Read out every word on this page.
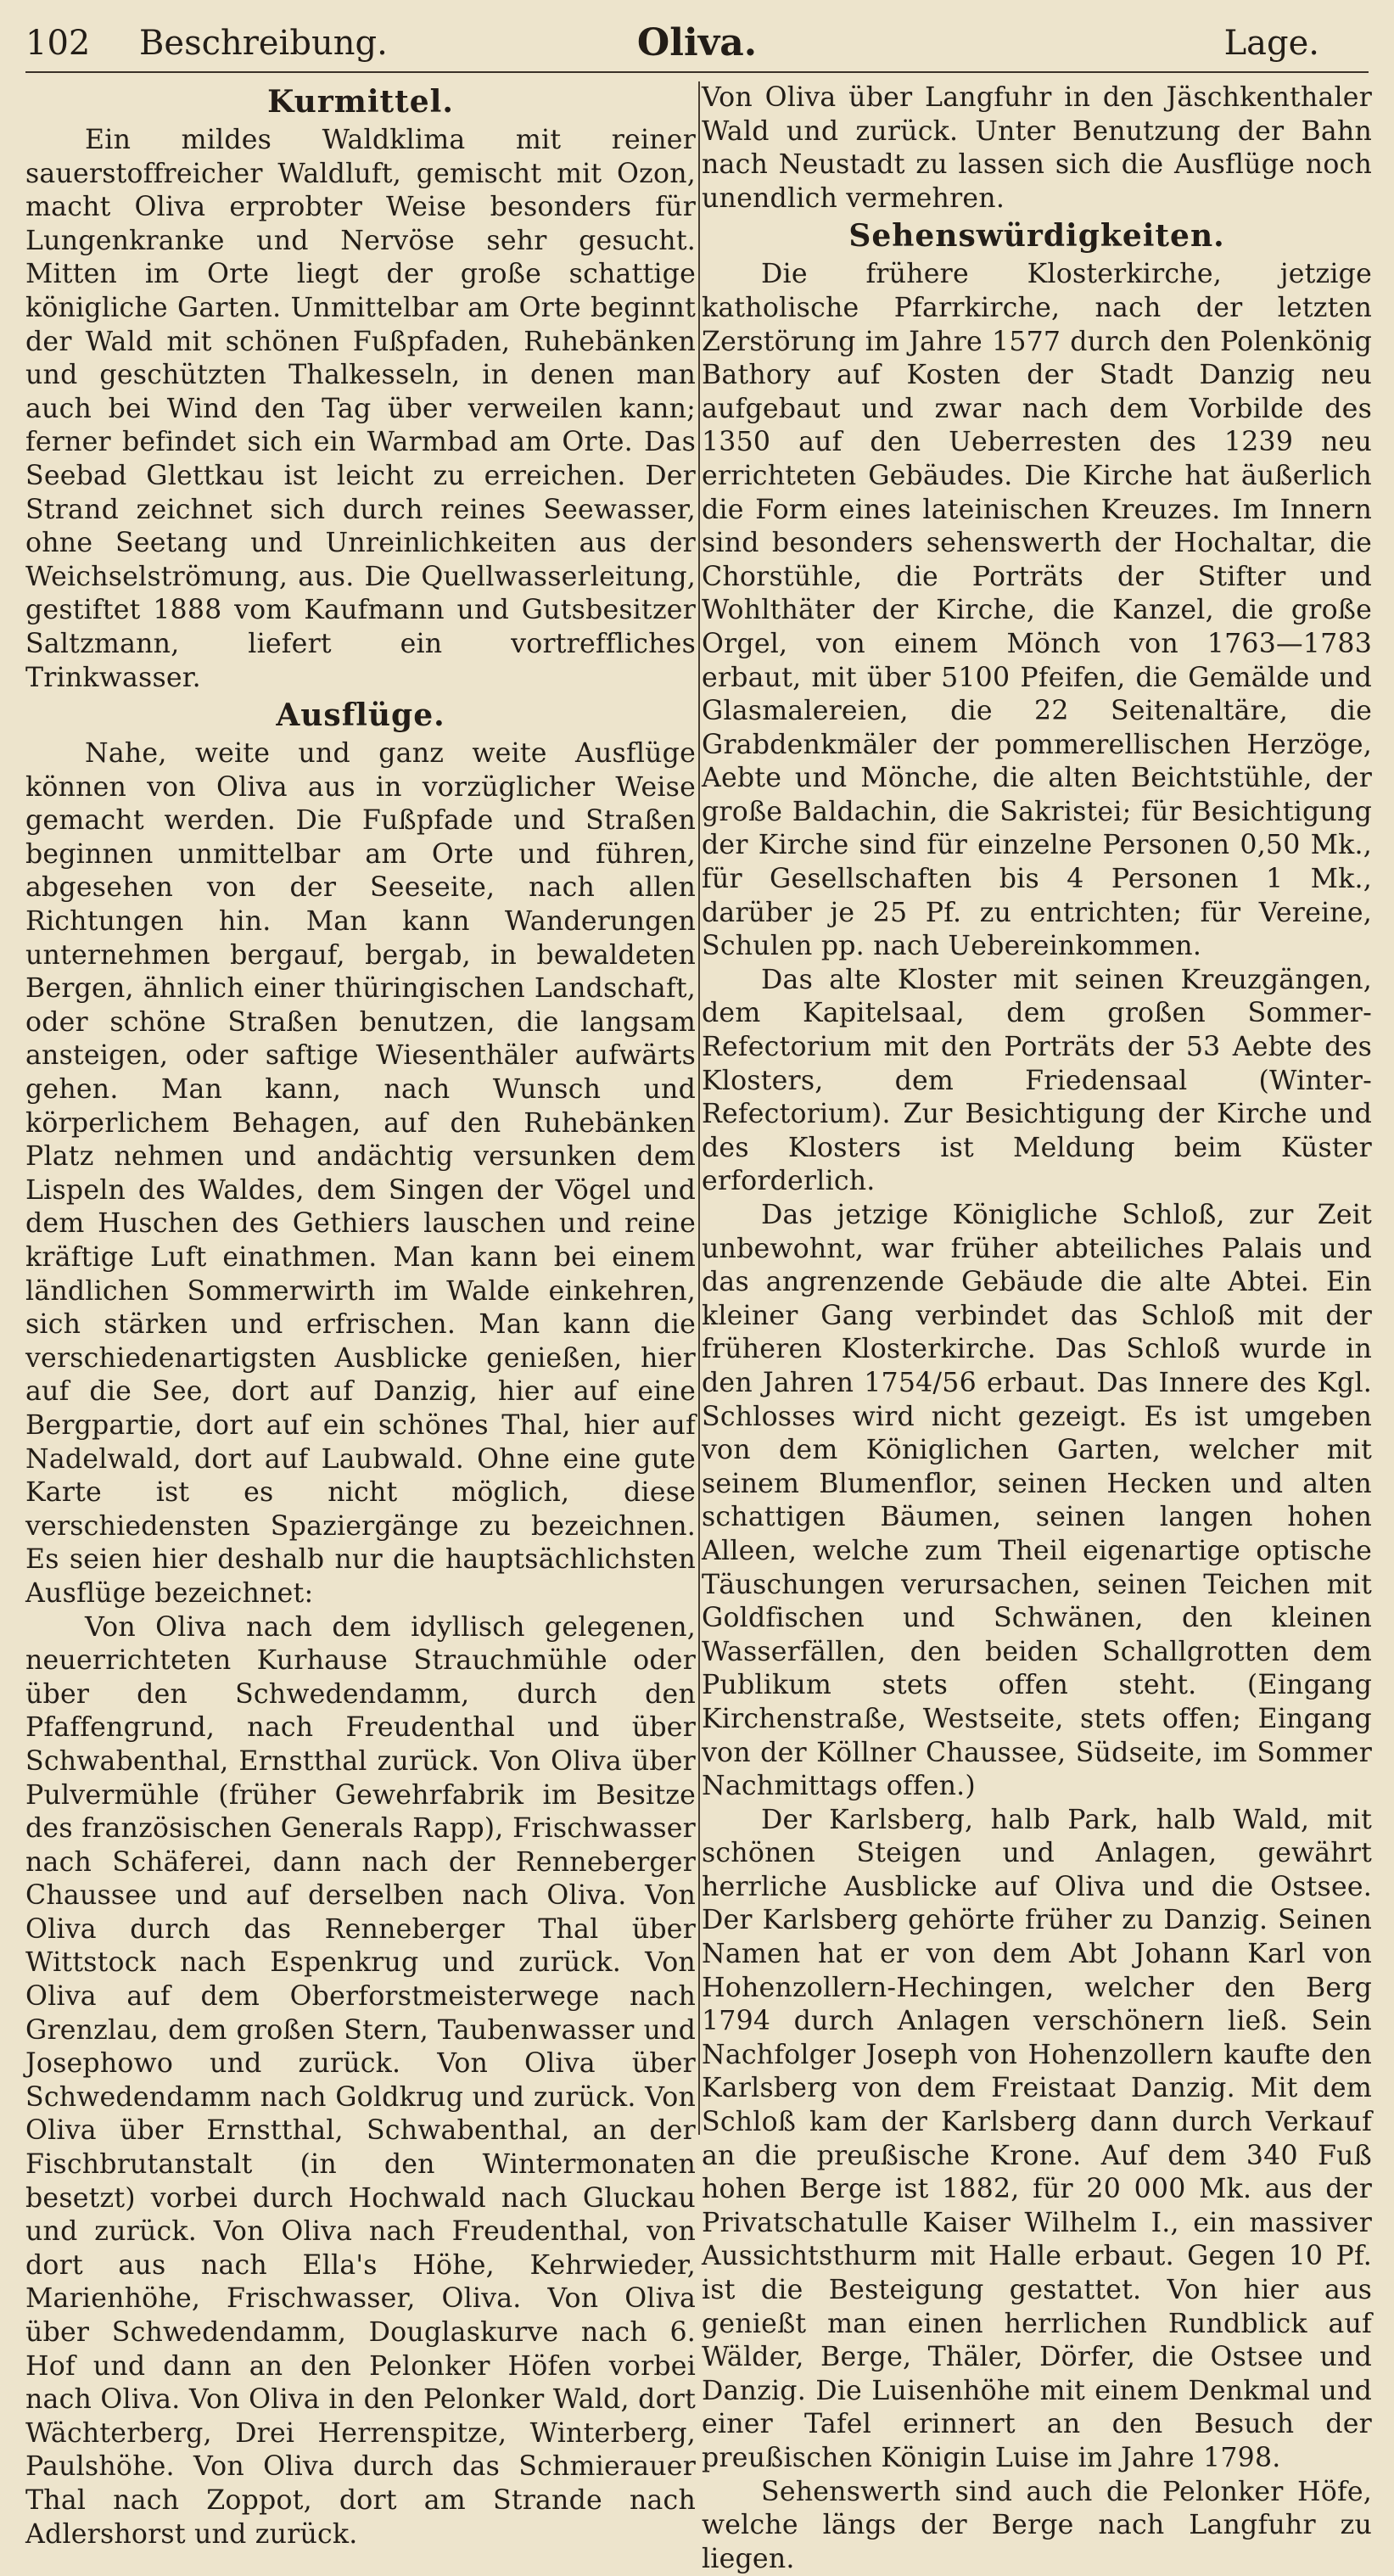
102 Beschreibung.	Oliva.	Lage.
Kurmittel.

Ein mildes Waldklima mit reiner sauerstoffreicher Waldluft, gemischt mit Ozon, macht Oliva erprobter Weise besonders für Lungenkranke und Nervöse sehr gesucht. Mitten im Orte liegt der große schattige königliche Garten. Unmittelbar am Orte beginnt der Wald mit schönen Fußpfaden, Ruhebänken und geschützten Thalkesseln, in denen man auch bei Wind den Tag über verweilen kann; ferner befindet sich ein Warmbad am Orte. Das Seebad Glettkau ist leicht zu erreichen. Der Strand zeichnet sich durch reines Seewasser, ohne Seetang und Unreinlichkeiten aus der Weichselströmung, aus. Die Quellwasserleitung, gestiftet 1888 vom Kaufmann und Gutsbesitzer Saltzmann, liefert ein vortreffliches Trinkwasser.

Ausflüge.

Nahe, weite und ganz weite Ausflüge können von Oliva aus in vorzüglicher Weise gemacht werden. Die Fußpfade und Straßen beginnen unmittelbar am Orte und führen, abgesehen von der Seeseite, nach allen Richtungen hin. Man kann Wanderungen unternehmen bergauf, bergab, in bewaldeten Bergen, ähnlich einer thüringischen Landschaft, oder schöne Straßen benutzen, die langsam ansteigen, oder saftige Wiesenthäler aufwärts gehen. Man kann, nach Wunsch und körperlichem Behagen, auf den Ruhebänken Platz nehmen und andächtig versunken dem Lispeln des Waldes, dem Singen der Vögel und dem Huschen des Gethiers lauschen und reine kräftige Luft einathmen. Man kann bei einem ländlichen Sommerwirth im Walde einkehren, sich stärken und erfrischen. Man kann die verschiedenartigsten Ausblicke genießen, hier auf die See, dort auf Danzig, hier auf eine Bergpartie, dort auf ein schönes Thal, hier auf Nadelwald, dort auf Laubwald. Ohne eine gute Karte ist es nicht möglich, diese verschiedensten Spaziergänge zu bezeichnen. Es seien hier deshalb nur die hauptsächlichsten Ausflüge bezeichnet:

Von Oliva nach dem idyllisch gelegenen, neuerrichteten Kurhause Strauchmühle oder über den Schwedendamm, durch den Pfaffengrund, nach Freudenthal und über Schwabenthal, Ernstthal zurück. Von Oliva über Pulvermühle (früher Gewehrfabrik im Besitze des französischen Generals Rapp), Frischwasser nach Schäferei, dann nach der Renneberger Chaussee und auf derselben nach Oliva. Von Oliva durch das Renneberger Thal über Wittstock nach Espenkrug und zurück. Von Oliva auf dem Oberforstmeisterwege nach Grenzlau, dem großen Stern, Taubenwasser und Josephowo und zurück. Von Oliva über Schwedendamm nach Goldkrug und zurück. Von Oliva über Ernstthal, Schwabenthal, an der Fischbrutanstalt (in den Wintermonaten besetzt) vorbei durch Hochwald nach Gluckau und zurück. Von Oliva nach Freudenthal, von dort aus nach Ella's Höhe, Kehrwieder, Marienhöhe, Frischwasser, Oliva. Von Oliva über Schwedendamm, Douglaskurve nach 6. Hof und dann an den Pelonker Höfen vorbei nach Oliva. Von Oliva in den Pelonker Wald, dort Wächterberg, Drei Herrenspitze, Winterberg, Paulshöhe. Von Oliva durch das Schmierauer Thal nach Zoppot, dort am Strande nach Adlershorst und zurück.

Von Oliva über Langfuhr in den Jäschkenthaler Wald und zurück. Unter Benutzung der Bahn nach Neustadt zu lassen sich die Ausflüge noch unendlich vermehren.

Sehenswürdigkeiten.

Die frühere Klosterkirche, jetzige katholische Pfarrkirche, nach der letzten Zerstörung im Jahre 1577 durch den Polenkönig Bathory auf Kosten der Stadt Danzig neu aufgebaut und zwar nach dem Vorbilde des 1350 auf den Ueberresten des 1239 neu errichteten Gebäudes. Die Kirche hat äußerlich die Form eines lateinischen Kreuzes. Im Innern sind besonders sehenswerth der Hochaltar, die Chorstühle, die Porträts der Stifter und Wohlthäter der Kirche, die Kanzel, die große Orgel, von einem Mönch von 1763—1783 erbaut, mit über 5100 Pfeifen, die Gemälde und Glasmalereien, die 22 Seitenaltäre, die Grabdenkmäler der pommerellischen Herzöge, Aebte und Mönche, die alten Beichtstühle, der große Baldachin, die Sakristei; für Besichtigung der Kirche sind für einzelne Personen 0,50 Mk., für Gesellschaften bis 4 Personen 1 Mk., darüber je 25 Pf. zu entrichten; für Vereine, Schulen pp. nach Uebereinkommen.

Das alte Kloster mit seinen Kreuzgängen, dem Kapitelsaal, dem großen Sommer-Refectorium mit den Porträts der 53 Aebte des Klosters, dem Friedensaal (Winter-Refectorium). Zur Besichtigung der Kirche und des Klosters ist Meldung beim Küster erforderlich.

Das jetzige Königliche Schloß, zur Zeit unbewohnt, war früher abteiliches Palais und das angrenzende Gebäude die alte Abtei. Ein kleiner Gang verbindet das Schloß mit der früheren Klosterkirche. Das Schloß wurde in den Jahren 1754/56 erbaut. Das Innere des Kgl. Schlosses wird nicht gezeigt. Es ist umgeben von dem Königlichen Garten, welcher mit seinem Blumenflor, seinen Hecken und alten schattigen Bäumen, seinen langen hohen Alleen, welche zum Theil eigenartige optische Täuschungen verursachen, seinen Teichen mit Goldfischen und Schwänen, den kleinen Wasserfällen, den beiden Schallgrotten dem Publikum stets offen steht. (Eingang Kirchenstraße, Westseite, stets offen; Eingang von der Köllner Chaussee, Südseite, im Sommer Nachmittags offen.)

Der Karlsberg, halb Park, halb Wald, mit schönen Steigen und Anlagen, gewährt herrliche Ausblicke auf Oliva und die Ostsee. Der Karlsberg gehörte früher zu Danzig. Seinen Namen hat er von dem Abt Johann Karl von Hohenzollern-Hechingen, welcher den Berg 1794 durch Anlagen verschönern ließ. Sein Nachfolger Joseph von Hohenzollern kaufte den Karlsberg von dem Freistaat Danzig. Mit dem Schloß kam der Karlsberg dann durch Verkauf an die preußische Krone. Auf dem 340 Fuß hohen Berge ist 1882, für 20 000 Mk. aus der Privatschatulle Kaiser Wilhelm I., ein massiver Aussichtsthurm mit Halle erbaut. Gegen 10 Pf. ist die Besteigung gestattet. Von hier aus genießt man einen herrlichen Rundblick auf Wälder, Berge, Thäler, Dörfer, die Ostsee und Danzig. Die Luisenhöhe mit einem Denkmal und einer Tafel erinnert an den Besuch der preußischen Königin Luise im Jahre 1798.

Sehenswerth sind auch die Pelonker Höfe, welche längs der Berge nach Langfuhr zu liegen.
